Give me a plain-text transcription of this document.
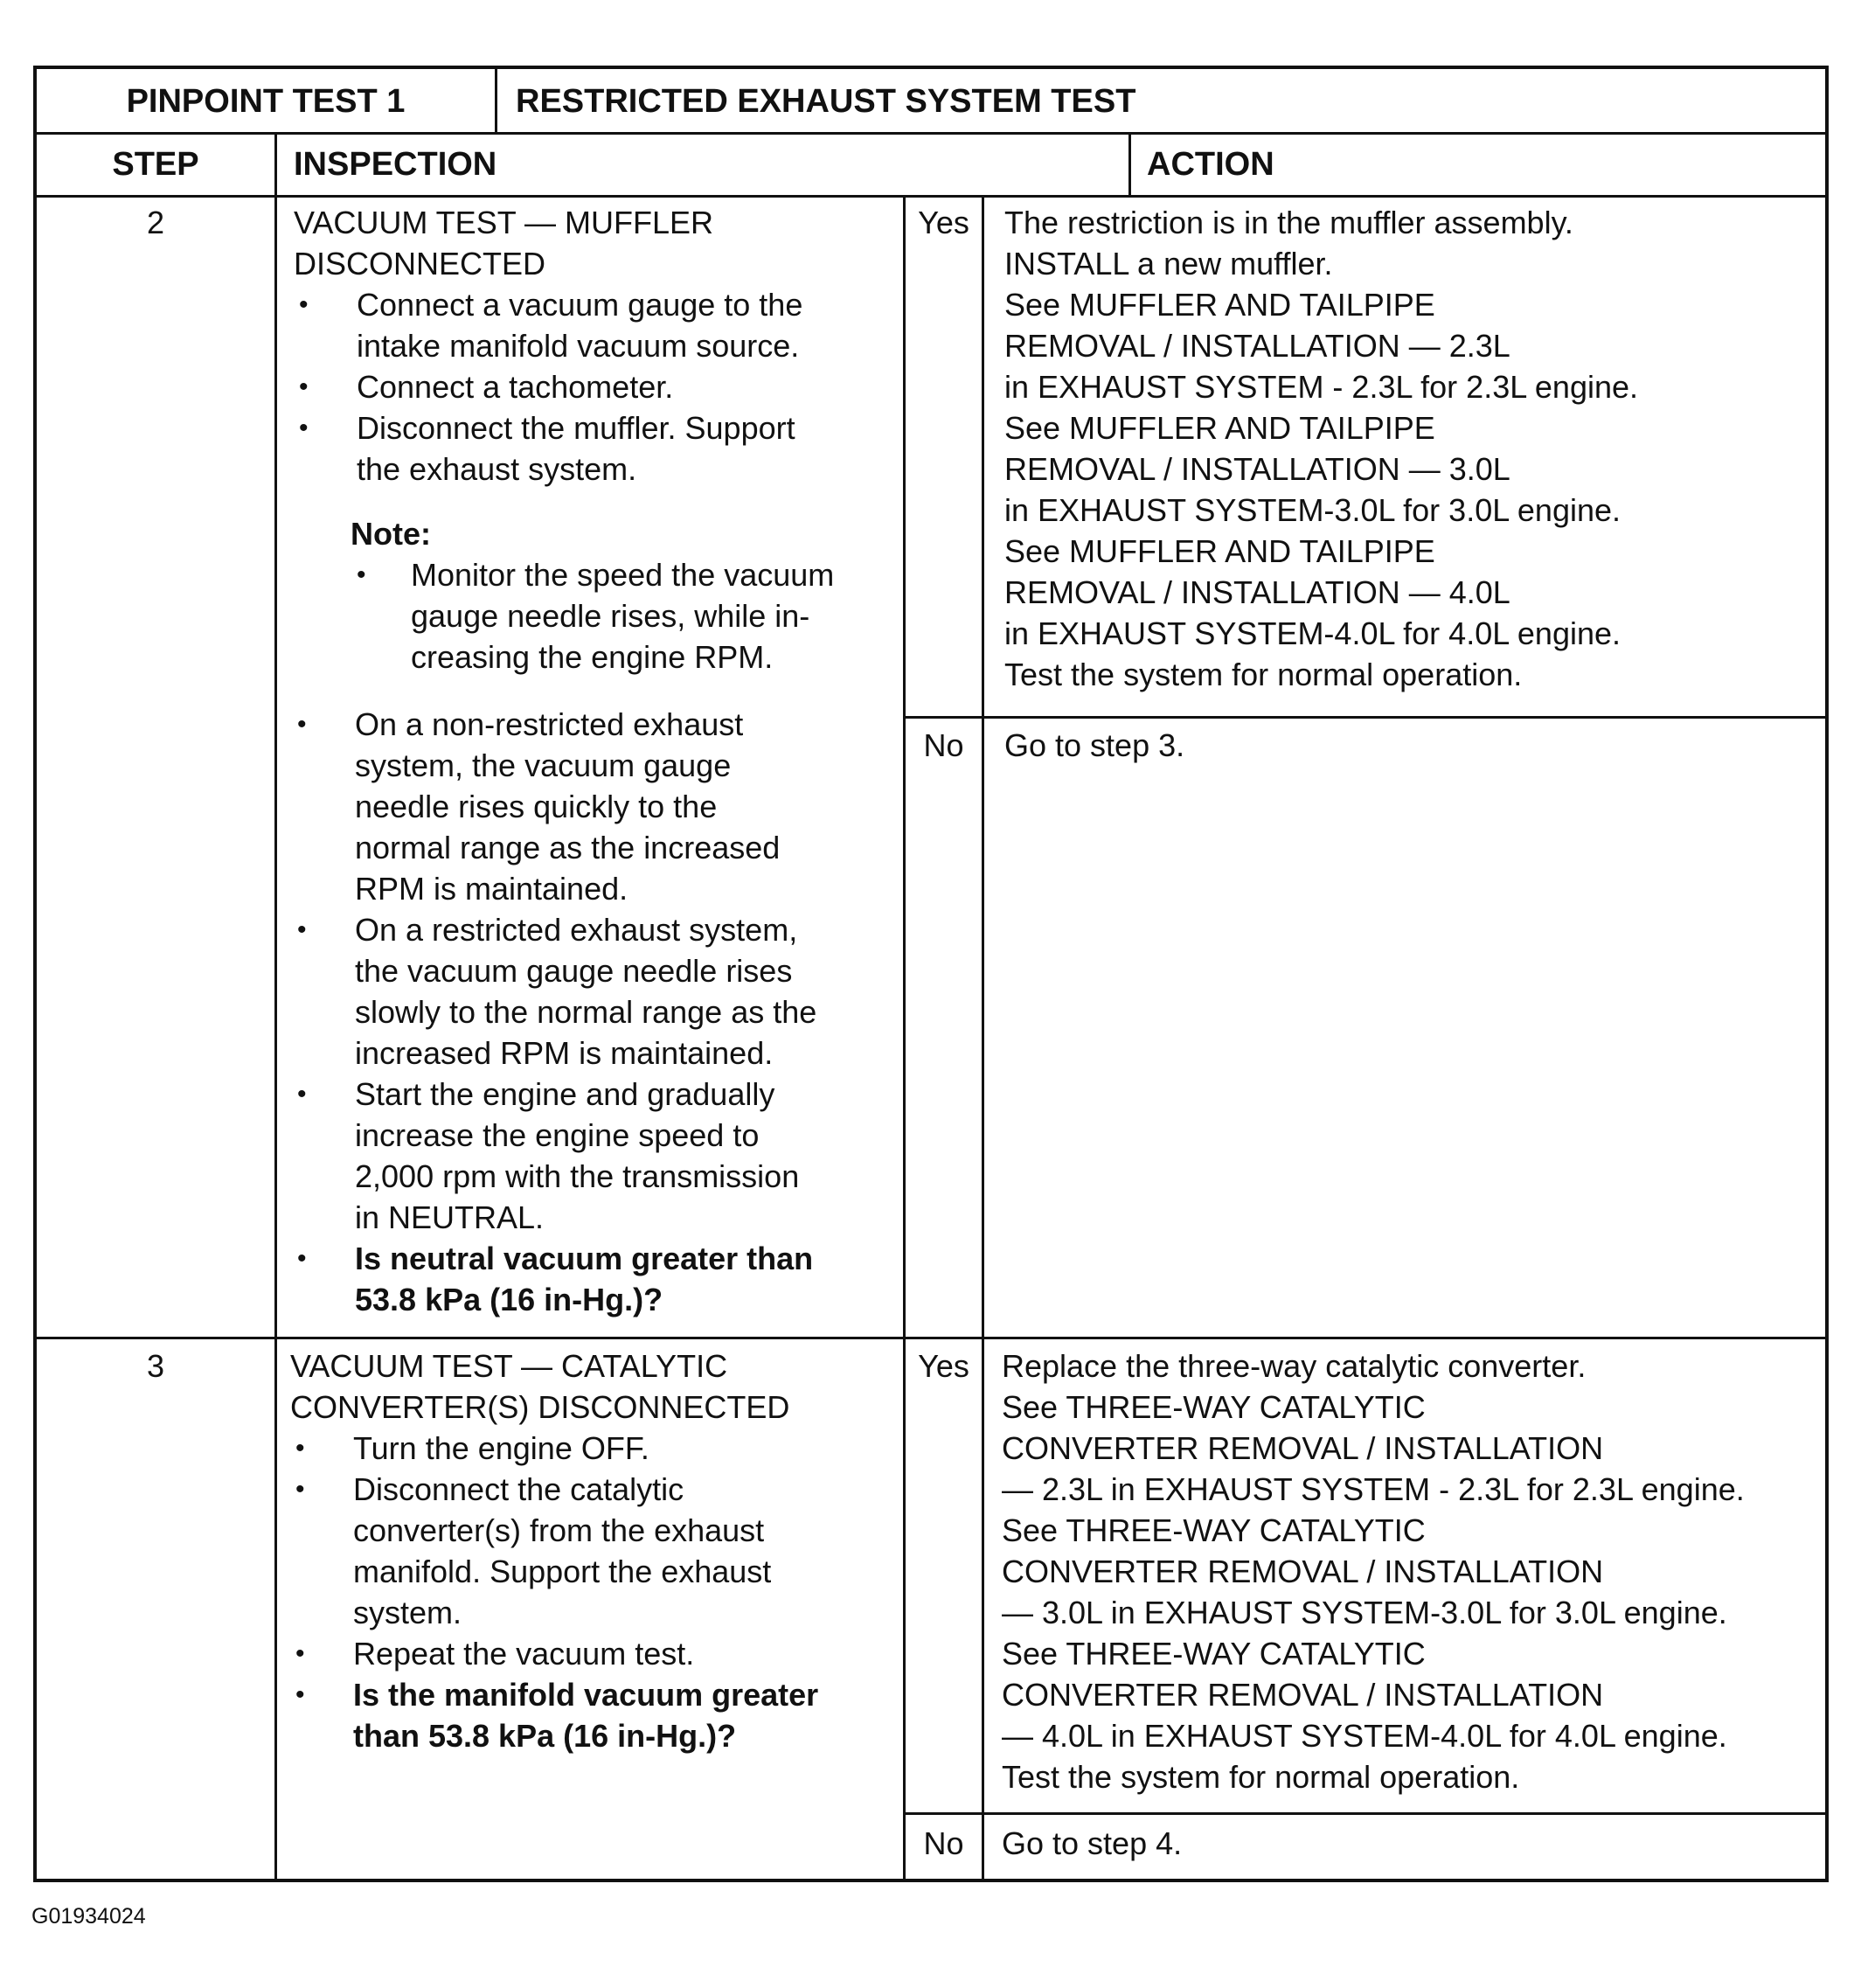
PINPOINT TEST 1	RESTRICTED EXHAUST SYSTEM TEST
STEP	INSPECTION	ACTION
2	VACUUM TEST — MUFFLER
DISCONNECTED
• Connect a vacuum gauge to the
intake manifold vacuum source.
• Connect a tachometer.
• Disconnect the muffler. Support
the exhaust system.
Note:
• Monitor the speed the vacuum
gauge needle rises, while in-
creasing the engine RPM.
• On a non-restricted exhaust
system, the vacuum gauge
needle rises quickly to the
normal range as the increased
RPM is maintained.
• On a restricted exhaust system,
the vacuum gauge needle rises
slowly to the normal range as the
increased RPM is maintained.
• Start the engine and gradually
increase the engine speed to
2,000 rpm with the transmission
in NEUTRAL.
• Is neutral vacuum greater than
53.8 kPa (16 in-Hg.)?
Yes	The restriction is in the muffler assembly.
INSTALL a new muffler.
See MUFFLER AND TAILPIPE
REMOVAL / INSTALLATION — 2.3L
in EXHAUST SYSTEM - 2.3L for 2.3L engine.
See MUFFLER AND TAILPIPE
REMOVAL / INSTALLATION — 3.0L
in EXHAUST SYSTEM-3.0L for 3.0L engine.
See MUFFLER AND TAILPIPE
REMOVAL / INSTALLATION — 4.0L
in EXHAUST SYSTEM-4.0L for 4.0L engine.
Test the system for normal operation.
No	Go to step 3.
3	VACUUM TEST — CATALYTIC
CONVERTER(S) DISCONNECTED
• Turn the engine OFF.
• Disconnect the catalytic
converter(s) from the exhaust
manifold. Support the exhaust
system.
• Repeat the vacuum test.
• Is the manifold vacuum greater
than 53.8 kPa (16 in-Hg.)?
Yes	Replace the three-way catalytic converter.
See THREE-WAY CATALYTIC
CONVERTER REMOVAL / INSTALLATION
— 2.3L in EXHAUST SYSTEM - 2.3L for 2.3L engine.
See THREE-WAY CATALYTIC
CONVERTER REMOVAL / INSTALLATION
— 3.0L in EXHAUST SYSTEM-3.0L for 3.0L engine.
See THREE-WAY CATALYTIC
CONVERTER REMOVAL / INSTALLATION
— 4.0L in EXHAUST SYSTEM-4.0L for 4.0L engine.
Test the system for normal operation.
No	Go to step 4.
G01934024
